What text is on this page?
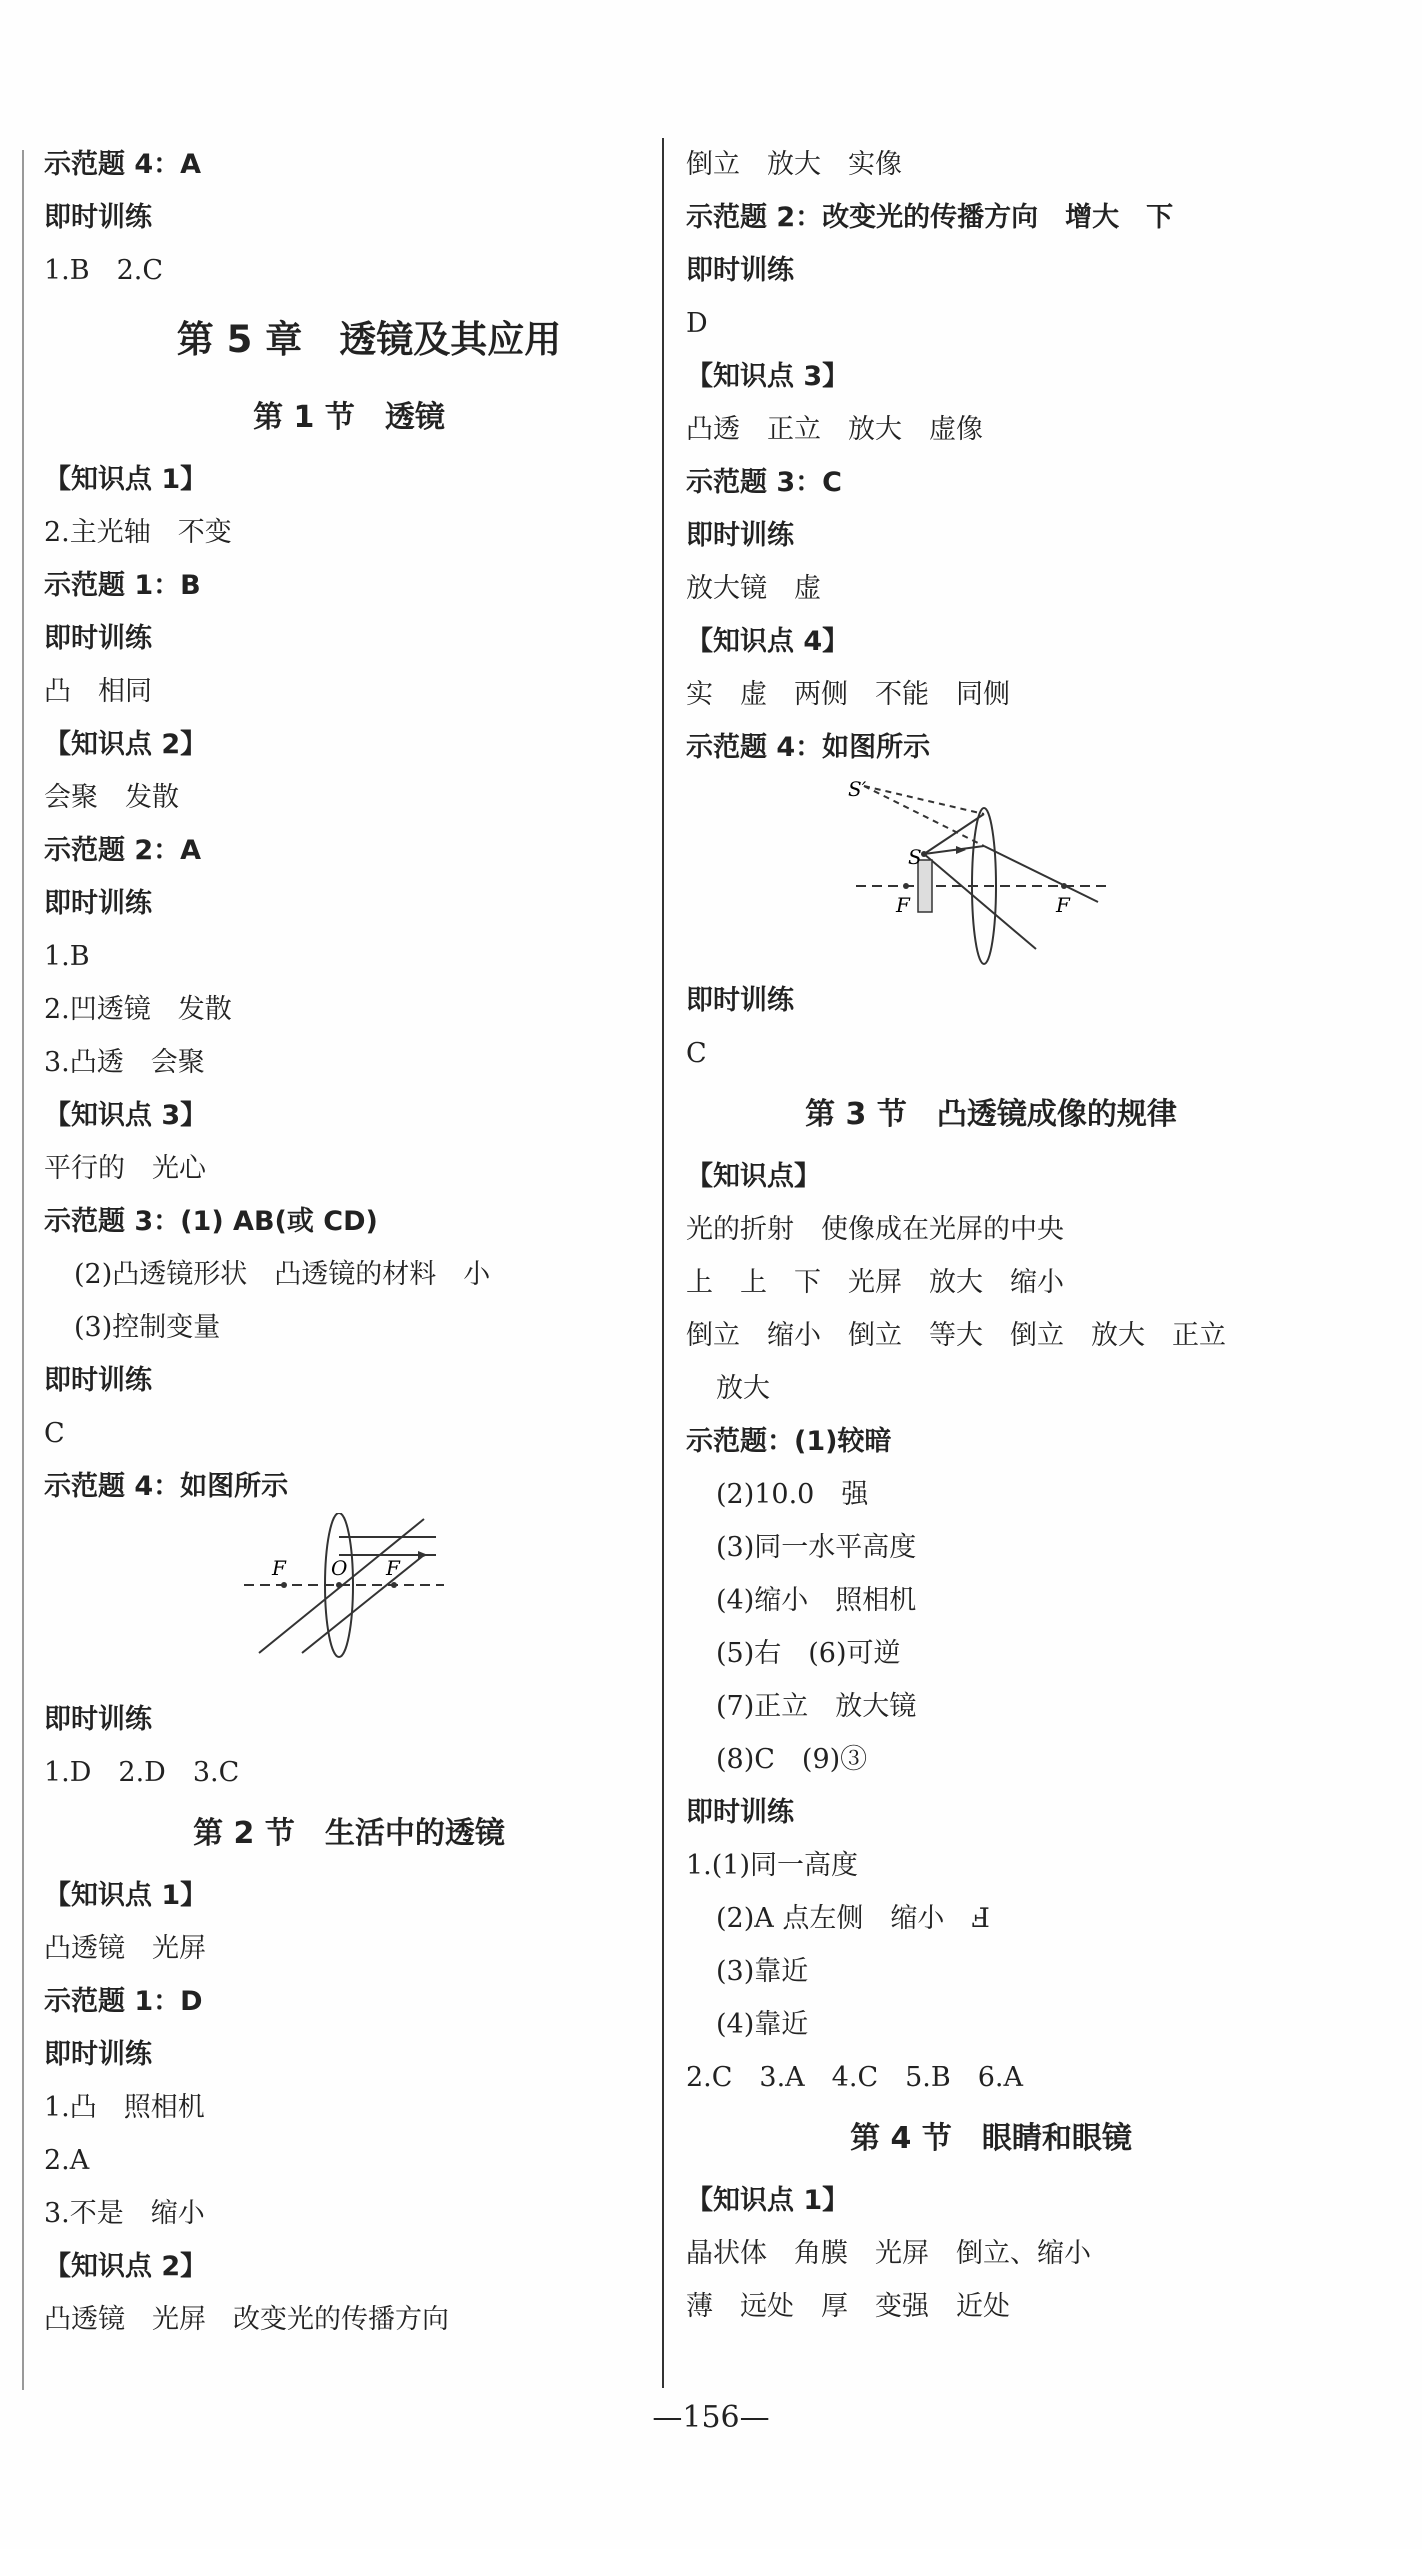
示范题 4：A
即时训练
1.B　2.C
第 5 章　透镜及其应用
第 1 节　透镜
【知识点 1】
2.主光轴　不变
示范题 1：B
即时训练
凸　相同
【知识点 2】
会聚　发散
示范题 2：A
即时训练
1.B
2.凹透镜　发散
3.凸透　会聚
【知识点 3】
平行的　光心
示范题 3：(1) AB(或 CD)
(2)凸透镜形状　凸透镜的材料　小
(3)控制变量
即时训练
C
示范题 4：如图所示
F O F
即时训练
1.D　2.D　3.C
第 2 节　生活中的透镜
【知识点 1】
凸透镜　光屏
示范题 1：D
即时训练
1.凸　照相机
2.A
3.不是　缩小
【知识点 2】
凸透镜　光屏　改变光的传播方向
倒立　放大　实像
示范题 2：改变光的传播方向　增大　下
即时训练
D
【知识点 3】
凸透　正立　放大　虚像
示范题 3：C
即时训练
放大镜　虚
【知识点 4】
实　虚　两侧　不能　同侧
示范题 4：如图所示
S′
S
F	F
即时训练
C
第 3 节　凸透镜成像的规律
【知识点】
光的折射　使像成在光屏的中央
上　上　下　光屏　放大　缩小
倒立　缩小　倒立　等大　倒立　放大　正立
放大
示范题：(1)较暗
(2)10.0　强
(3)同一水平高度
(4)缩小　照相机
(5)右　(6)可逆
(7)正立　放大镜
(8)C　(9)③
即时训练
1.(1)同一高度
(2)A 点左侧　缩小　Ⅎ
(3)靠近
(4)靠近
2.C　3.A　4.C　5.B　6.A
第 4 节　眼睛和眼镜
【知识点 1】
晶状体　角膜　光屏　倒立、缩小
薄　远处　厚　变强　近处
—156—
